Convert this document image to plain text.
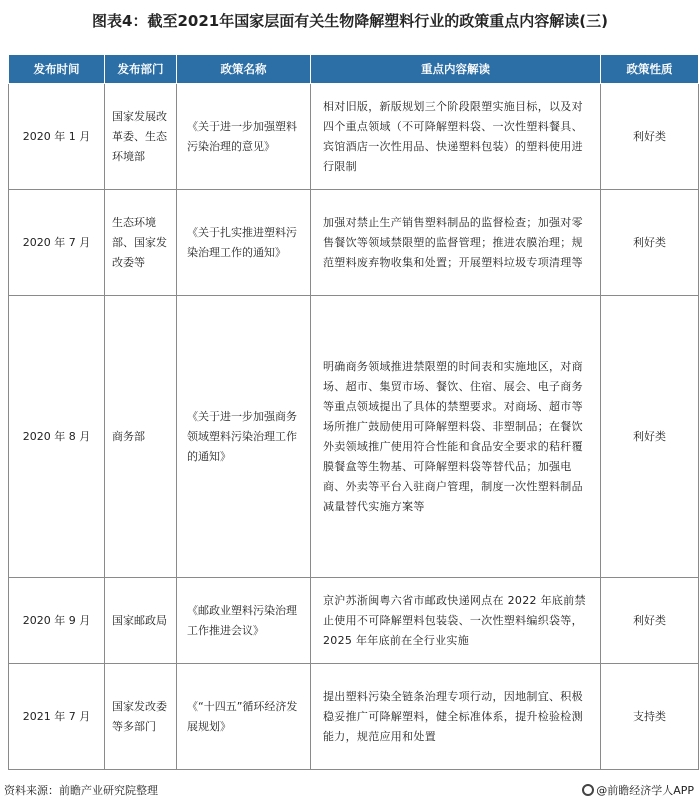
图表4：截至2021年国家层面有关生物降解塑料行业的政策重点内容解读(三)
发布时间	发布部门	政策名称	重点内容解读	政策性质
2020 年 1 月	国家发展改革委、生态环境部	《关于进一步加强塑料污染治理的意见》	相对旧版，新版规划三个阶段限塑实施目标，以及对四个重点领域（不可降解塑料袋、一次性塑料餐具、宾馆酒店一次性用品、快递塑料包装）的塑料使用进行限制	利好类
2020 年 7 月	生态环境部、国家发改委等	《关于扎实推进塑料污染治理工作的通知》	加强对禁止生产销售塑料制品的监督检查；加强对零售餐饮等领域禁限塑的监督管理；推进农膜治理；规范塑料废弃物收集和处置；开展塑料垃圾专项清理等	利好类
2020 年 8 月	商务部	《关于进一步加强商务领域塑料污染治理工作的通知》	明确商务领域推进禁限塑的时间表和实施地区，对商场、超市、集贸市场、餐饮、住宿、展会、电子商务等重点领域提出了具体的禁塑要求。对商场、超市等场所推广鼓励使用可降解塑料袋、非塑制品；在餐饮外卖领域推广使用符合性能和食品安全要求的秸秆覆膜餐盒等生物基、可降解塑料袋等替代品；加强电商、外卖等平台入驻商户管理，制度一次性塑料制品减量替代实施方案等	利好类
2020 年 9 月	国家邮政局	《邮政业塑料污染治理工作推进会议》	京沪苏浙闽粤六省市邮政快递网点在 2022 年底前禁止使用不可降解塑料包装袋、一次性塑料编织袋等，2025 年年底前在全行业实施	利好类
2021 年 7 月	国家发改委等多部门	《“十四五”循环经济发展规划》	提出塑料污染全链条治理专项行动，因地制宜、积极稳妥推广可降解塑料，健全标准体系，提升检验检测能力，规范应用和处置	支持类
资料来源：前瞻产业研究院整理	@前瞻经济学人APP
